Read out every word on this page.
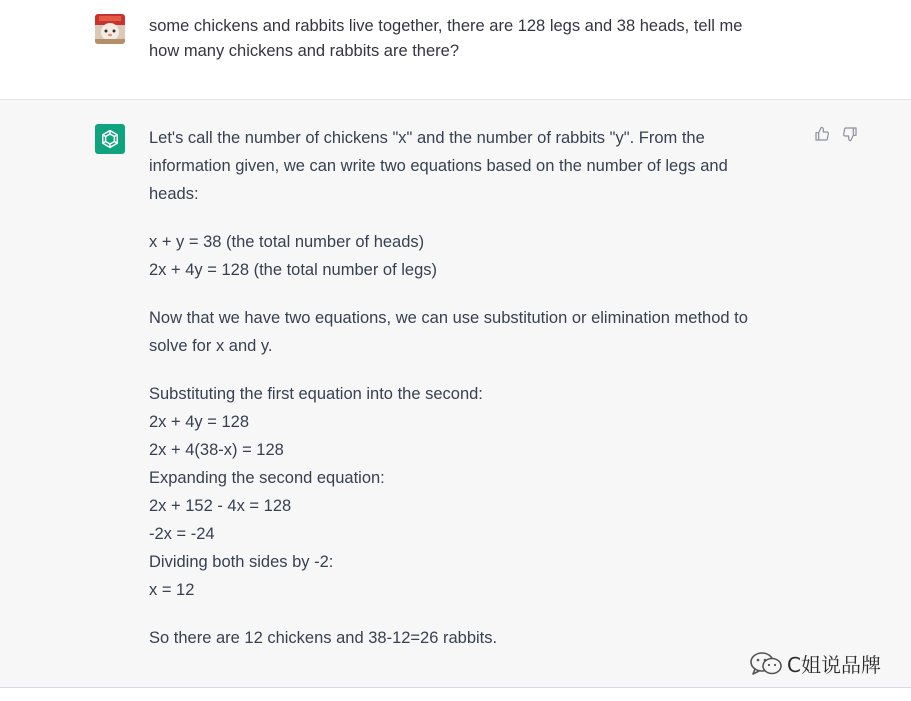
some chickens and rabbits live together, there are 128 legs and 38 heads, tell me
how many chickens and rabbits are there?

Let's call the number of chickens "x" and the number of rabbits "y". From the
information given, we can write two equations based on the number of legs and
heads:

x + y = 38 (the total number of heads)
2x + 4y = 128 (the total number of legs)

Now that we have two equations, we can use substitution or elimination method to
solve for x and y.

Substituting the first equation into the second:
2x + 4y = 128
2x + 4(38-x) = 128
Expanding the second equation:
2x + 152 - 4x = 128
-2x = -24
Dividing both sides by -2:
x = 12

So there are 12 chickens and 38-12=26 rabbits.

C姐说品牌
